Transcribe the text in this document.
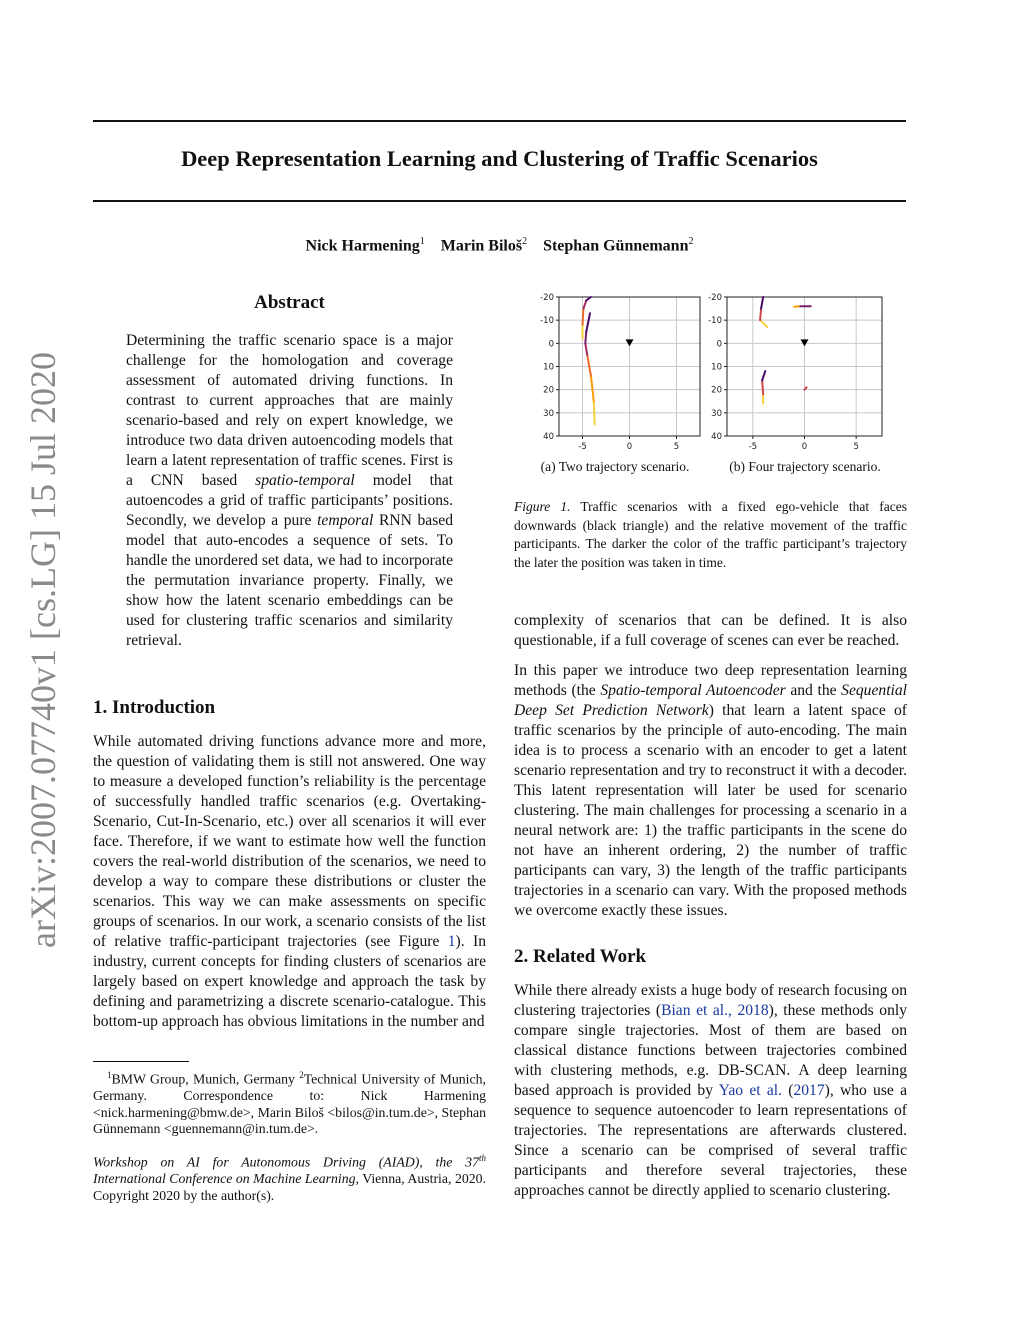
arXiv:2007.07740v1 [cs.LG] 15 Jul 2020
Deep Representation Learning and Clustering of Traffic Scenarios
Nick Harmening$^1$ Marin Biloš$^2$ Stephan Günnemann$^2$
Abstract
Determining the traffic scenario space is a major challenge for the homologation and coverage assessment of automated driving functions. In contrast to current approaches that are mainly scenario-based and rely on expert knowledge, we introduce two data driven autoencoding models that learn a latent representation of traffic scenes. First is a CNN based spatio-temporal model that autoencodes a grid of traffic participants’ positions. Secondly, we develop a pure temporal RNN based model that auto-encodes a sequence of sets. To handle the unordered set data, we had to incorporate the permutation invariance property. Finally, we show how the latent scenario embeddings can be used for clustering traffic scenarios and similarity retrieval.
1. Introduction
While automated driving functions advance more and more, the question of validating them is still not answered. One way to measure a developed function’s reliability is the percentage of successfully handled traffic scenarios (e.g. Overtaking-Scenario, Cut-In-Scenario, etc.) over all scenarios it will ever face. Therefore, if we want to estimate how well the function covers the real-world distribution of the scenarios, we need to develop a way to compare these distributions or cluster the scenarios. This way we can make assessments on specific groups of scenarios. In our work, a scenario consists of the list of relative traffic-participant trajectories (see Figure 1). In industry, current concepts for finding clusters of scenarios are largely based on expert knowledge and approach the task by defining and parametrizing a discrete scenario-catalogue. This bottom-up approach has obvious limitations in the number and
$^1$BMW Group, Munich, Germany $^2$Technical University of Munich, Germany. Correspondence to: Nick Harmening <nick.harmening@bmw.de>, Marin Biloš <bilos@in.tum.de>, Stephan Günnemann <guennemann@in.tum.de>.
Workshop on AI for Autonomous Driving (AIAD), the 37th International Conference on Machine Learning, Vienna, Austria, 2020. Copyright 2020 by the author(s).
-5	0	5
-20
-10
0
10
20
30
40
-5	0	5
-20
-10
0
10
20
30
40
(a) Two trajectory scenario.	(b) Four trajectory scenario.
Figure 1. Traffic scenarios with a fixed ego-vehicle that faces downwards (black triangle) and the relative movement of the traffic participants. The darker the color of the traffic participant’s trajectory the later the position was taken in time.
complexity of scenarios that can be defined. It is also questionable, if a full coverage of scenes can ever be reached.
In this paper we introduce two deep representation learning methods (the Spatio-temporal Autoencoder and the Sequential Deep Set Prediction Network) that learn a latent space of traffic scenarios by the principle of auto-encoding. The main idea is to process a scenario with an encoder to get a latent scenario representation and try to reconstruct it with a decoder. This latent representation will later be used for scenario clustering. The main challenges for processing a scenario in a neural network are: 1) the traffic participants in the scene do not have an inherent ordering, 2) the number of traffic participants can vary, 3) the length of the traffic participants trajectories in a scenario can vary. With the proposed methods we overcome exactly these issues.
2. Related Work
While there already exists a huge body of research focusing on clustering trajectories (Bian et al., 2018), these methods only compare single trajectories. Most of them are based on classical distance functions between trajectories combined with clustering methods, e.g. DB-SCAN. A deep learning based approach is provided by Yao et al. (2017), who use a sequence to sequence autoencoder to learn representations of trajectories. The representations are afterwards clustered. Since a scenario can be comprised of several traffic participants and therefore several trajectories, these approaches cannot be directly applied to scenario clustering.
